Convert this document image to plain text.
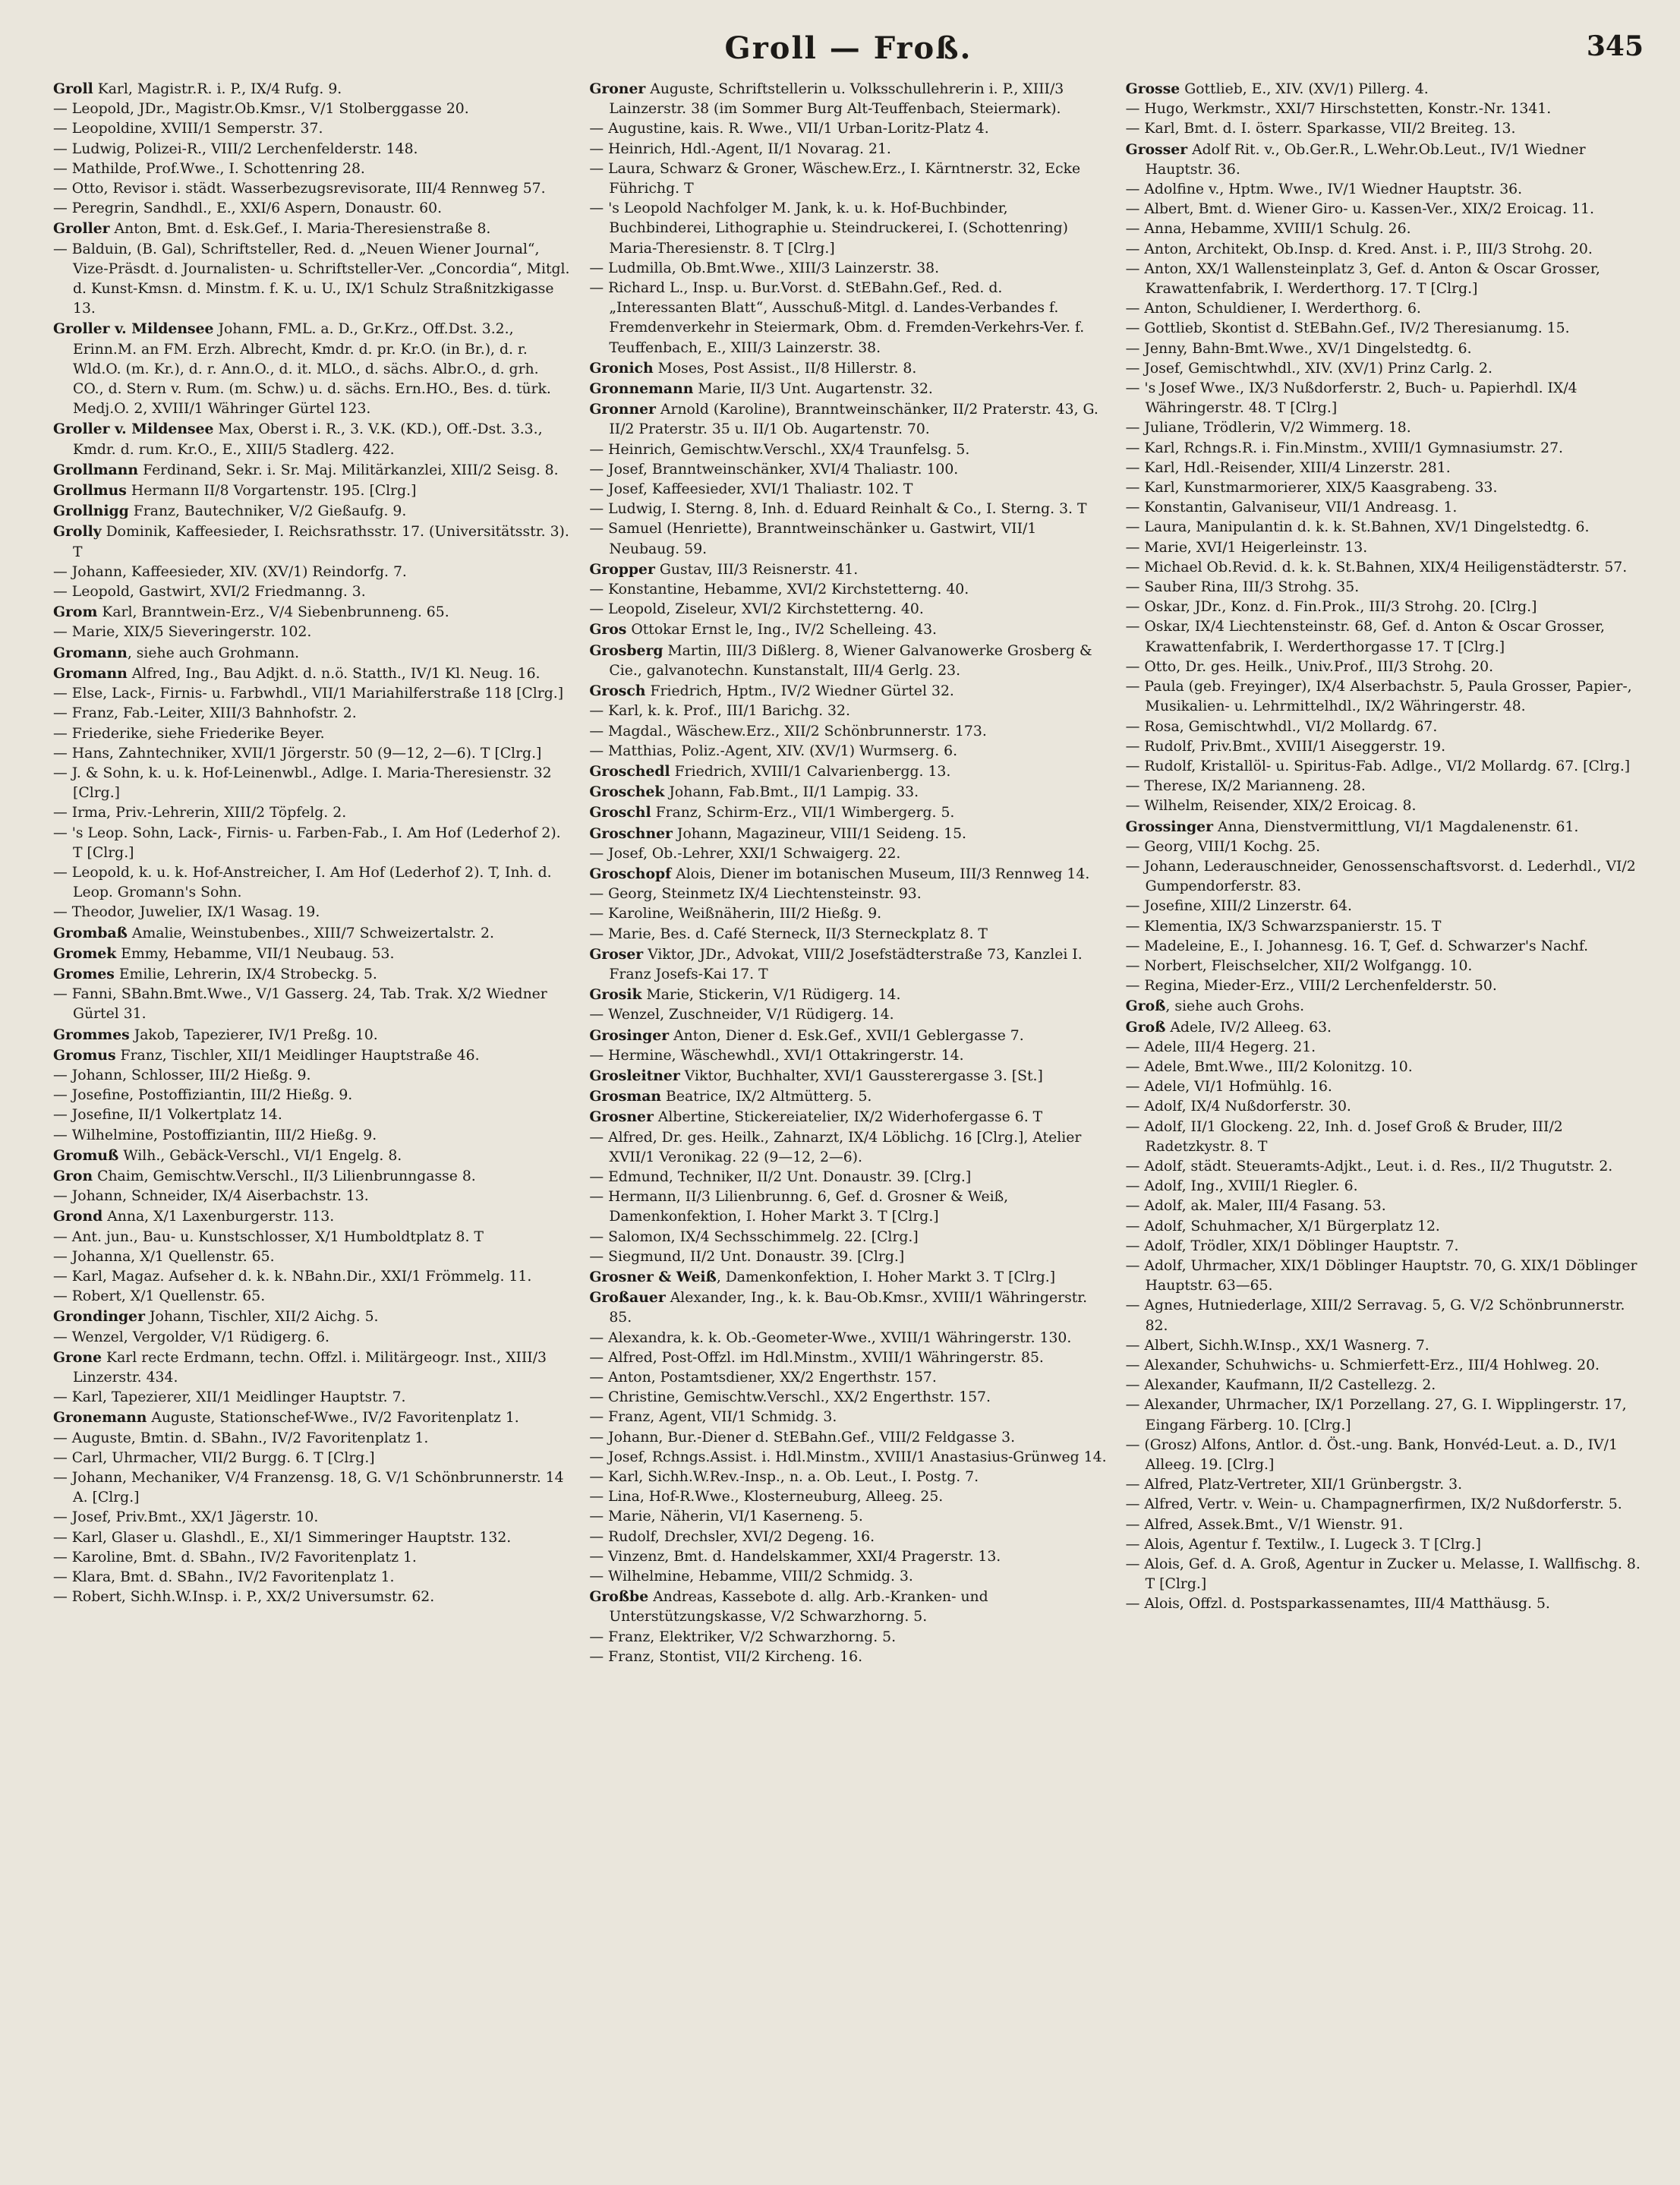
Groll — Froß.	345

Groll Karl, Magistr.R. i. P., IX/4 Rufg. 9.

— Leopold, JDr., Magistr.Ob.Kmsr., V/1 Stolberggasse 20.

— Leopoldine, XVIII/1 Semperstr. 37.

— Ludwig, Polizei-R., VIII/2 Lerchenfelderstr. 148.

— Mathilde, Prof.Wwe., I. Schottenring 28.

— Otto, Revisor i. städt. Wasserbezugsrevisorate, III/4 Rennweg 57.

— Peregrin, Sandhdl., E., XXI/6 Aspern, Donaustr. 60.

Groller Anton, Bmt. d. Esk.Gef., I. Maria-Theresienstraße 8.

— Balduin, (B. Gal), Schriftsteller, Red. d. „Neuen Wiener Journal“, Vize-Präsdt. d. Journalisten- u. Schriftsteller-Ver. „Concordia“, Mitgl. d. Kunst-Kmsn. d. Minstm. f. K. u. U., IX/1 Schulz Straßnitzkigasse 13.

Groller v. Mildensee Johann, FML. a. D., Gr.Krz., Off.Dst. 3.2., Erinn.M. an FM. Erzh. Albrecht, Kmdr. d. pr. Kr.O. (in Br.), d. r. Wld.O. (m. Kr.), d. r. Ann.O., d. it. MLO., d. sächs. Albr.O., d. grh. CO., d. Stern v. Rum. (m. Schw.) u. d. sächs. Ern.HO., Bes. d. türk. Medj.O. 2, XVIII/1 Währinger Gürtel 123.

Groller v. Mildensee Max, Oberst i. R., 3. V.K. (KD.), Off.-Dst. 3.3., Kmdr. d. rum. Kr.O., E., XIII/5 Stadlerg. 422.

Grollmann Ferdinand, Sekr. i. Sr. Maj. Militärkanzlei, XIII/2 Seisg. 8.

Grollmus Hermann II/8 Vorgartenstr. 195. [Clrg.]

Grollnigg Franz, Bautechniker, V/2 Gießaufg. 9.

Grolly Dominik, Kaffeesieder, I. Reichsrathsstr. 17. (Universitätsstr. 3). T

— Johann, Kaffeesieder, XIV. (XV/1) Reindorfg. 7.

— Leopold, Gastwirt, XVI/2 Friedmanng. 3.

Grom Karl, Branntwein-Erz., V/4 Siebenbrunneng. 65.

— Marie, XIX/5 Sieveringerstr. 102.

Gromann, siehe auch Grohmann.

Gromann Alfred, Ing., Bau Adjkt. d. n.ö. Statth., IV/1 Kl. Neug. 16.

— Else, Lack-, Firnis- u. Farbwhdl., VII/1 Mariahilferstraße 118 [Clrg.]

— Franz, Fab.-Leiter, XIII/3 Bahnhofstr. 2.

— Friederike, siehe Friederike Beyer.

— Hans, Zahntechniker, XVII/1 Jörgerstr. 50 (9—12, 2—6). T [Clrg.]

— J. & Sohn, k. u. k. Hof-Leinenwbl., Adlge. I. Maria-Theresienstr. 32 [Clrg.]

— Irma, Priv.-Lehrerin, XIII/2 Töpfelg. 2.

— 's Leop. Sohn, Lack-, Firnis- u. Farben-Fab., I. Am Hof (Lederhof 2). T [Clrg.]

— Leopold, k. u. k. Hof-Anstreicher, I. Am Hof (Lederhof 2). T, Inh. d. Leop. Gromann's Sohn.

— Theodor, Juwelier, IX/1 Wasag. 19.

Grombaß Amalie, Weinstubenbes., XIII/7 Schweizertalstr. 2.

Gromek Emmy, Hebamme, VII/1 Neubaug. 53.

Gromes Emilie, Lehrerin, IX/4 Strobeckg. 5.

— Fanni, SBahn.Bmt.Wwe., V/1 Gasserg. 24, Tab. Trak. X/2 Wiedner Gürtel 31.

Grommes Jakob, Tapezierer, IV/1 Preßg. 10.

Gromus Franz, Tischler, XII/1 Meidlinger Hauptstraße 46.

— Johann, Schlosser, III/2 Hießg. 9.

— Josefine, Postoffiziantin, III/2 Hießg. 9.

— Josefine, II/1 Volkertplatz 14.

— Wilhelmine, Postoffiziantin, III/2 Hießg. 9.

Gromuß Wilh., Gebäck-Verschl., VI/1 Engelg. 8.

Gron Chaim, Gemischtw.Verschl., II/3 Lilienbrunngasse 8.

— Johann, Schneider, IX/4 Aiserbachstr. 13.

Grond Anna, X/1 Laxenburgerstr. 113.

— Ant. jun., Bau- u. Kunstschlosser, X/1 Humboldtplatz 8. T

— Johanna, X/1 Quellenstr. 65.

— Karl, Magaz. Aufseher d. k. k. NBahn.Dir., XXI/1 Frömmelg. 11.

— Robert, X/1 Quellenstr. 65.

Grondinger Johann, Tischler, XII/2 Aichg. 5.

— Wenzel, Vergolder, V/1 Rüdigerg. 6.

Grone Karl recte Erdmann, techn. Offzl. i. Militärgeogr. Inst., XIII/3 Linzerstr. 434.

— Karl, Tapezierer, XII/1 Meidlinger Hauptstr. 7.

Gronemann Auguste, Stationschef-Wwe., IV/2 Favoritenplatz 1.

— Auguste, Bmtin. d. SBahn., IV/2 Favoritenplatz 1.

— Carl, Uhrmacher, VII/2 Burgg. 6. T [Clrg.]

— Johann, Mechaniker, V/4 Franzensg. 18, G. V/1 Schönbrunnerstr. 14 A. [Clrg.]

— Josef, Priv.Bmt., XX/1 Jägerstr. 10.

— Karl, Glaser u. Glashdl., E., XI/1 Simmeringer Hauptstr. 132.

— Karoline, Bmt. d. SBahn., IV/2 Favoritenplatz 1.

— Klara, Bmt. d. SBahn., IV/2 Favoritenplatz 1.

— Robert, Sichh.W.Insp. i. P., XX/2 Universumstr. 62.

Groner Auguste, Schriftstellerin u. Volksschullehrerin i. P., XIII/3 Lainzerstr. 38 (im Sommer Burg Alt-Teuffenbach, Steiermark).

— Augustine, kais. R. Wwe., VII/1 Urban-Loritz-Platz 4.

— Heinrich, Hdl.-Agent, II/1 Novarag. 21.

— Laura, Schwarz & Groner, Wäschew.Erz., I. Kärntnerstr. 32, Ecke Führichg. T

— 's Leopold Nachfolger M. Jank, k. u. k. Hof-Buchbinder, Buchbinderei, Lithographie u. Steindruckerei, I. (Schottenring) Maria-Theresienstr. 8. T [Clrg.]

— Ludmilla, Ob.Bmt.Wwe., XIII/3 Lainzerstr. 38.

— Richard L., Insp. u. Bur.Vorst. d. StEBahn.Gef., Red. d. „Interessanten Blatt“, Ausschuß-Mitgl. d. Landes-Verbandes f. Fremdenverkehr in Steiermark, Obm. d. Fremden-Verkehrs-Ver. f. Teuffenbach, E., XIII/3 Lainzerstr. 38.

Gronich Moses, Post Assist., II/8 Hillerstr. 8.

Gronnemann Marie, II/3 Unt. Augartenstr. 32.

Gronner Arnold (Karoline), Branntweinschänker, II/2 Praterstr. 43, G. II/2 Praterstr. 35 u. II/1 Ob. Augartenstr. 70.

— Heinrich, Gemischtw.Verschl., XX/4 Traunfelsg. 5.

— Josef, Branntweinschänker, XVI/4 Thaliastr. 100.

— Josef, Kaffeesieder, XVI/1 Thaliastr. 102. T

— Ludwig, I. Sterng. 8, Inh. d. Eduard Reinhalt & Co., I. Sterng. 3. T

— Samuel (Henriette), Branntweinschänker u. Gastwirt, VII/1 Neubaug. 59.

Gropper Gustav, III/3 Reisnerstr. 41.

— Konstantine, Hebamme, XVI/2 Kirchstetterng. 40.

— Leopold, Ziseleur, XVI/2 Kirchstetterng. 40.

Gros Ottokar Ernst le, Ing., IV/2 Schelleing. 43.

Grosberg Martin, III/3 Dißlerg. 8, Wiener Galvanowerke Grosberg & Cie., galvanotechn. Kunstanstalt, III/4 Gerlg. 23.

Grosch Friedrich, Hptm., IV/2 Wiedner Gürtel 32.

— Karl, k. k. Prof., III/1 Barichg. 32.

— Magdal., Wäschew.Erz., XII/2 Schönbrunnerstr. 173.

— Matthias, Poliz.-Agent, XIV. (XV/1) Wurmserg. 6.

Groschedl Friedrich, XVIII/1 Calvarienbergg. 13.

Groschek Johann, Fab.Bmt., II/1 Lampig. 33.

Groschl Franz, Schirm-Erz., VII/1 Wimbergerg. 5.

Groschner Johann, Magazineur, VIII/1 Seideng. 15.

— Josef, Ob.-Lehrer, XXI/1 Schwaigerg. 22.

Groschopf Alois, Diener im botanischen Museum, III/3 Rennweg 14.

— Georg, Steinmetz IX/4 Liechtensteinstr. 93.

— Karoline, Weißnäherin, III/2 Hießg. 9.

— Marie, Bes. d. Café Sterneck, II/3 Sterneckplatz 8. T

Groser Viktor, JDr., Advokat, VIII/2 Josefstädterstraße 73, Kanzlei I. Franz Josefs-Kai 17. T

Grosik Marie, Stickerin, V/1 Rüdigerg. 14.

— Wenzel, Zuschneider, V/1 Rüdigerg. 14.

Grosinger Anton, Diener d. Esk.Gef., XVII/1 Geblergasse 7.

— Hermine, Wäschewhdl., XVI/1 Ottakringerstr. 14.

Grosleitner Viktor, Buchhalter, XVI/1 Gaussterergasse 3. [St.]

Grosman Beatrice, IX/2 Altmütterg. 5.

Grosner Albertine, Stickereiatelier, IX/2 Widerhofergasse 6. T

— Alfred, Dr. ges. Heilk., Zahnarzt, IX/4 Löblichg. 16 [Clrg.], Atelier XVII/1 Veronikag. 22 (9—12, 2—6).

— Edmund, Techniker, II/2 Unt. Donaustr. 39. [Clrg.]

— Hermann, II/3 Lilienbrunng. 6, Gef. d. Grosner & Weiß, Damenkonfektion, I. Hoher Markt 3. T [Clrg.]

— Salomon, IX/4 Sechsschimmelg. 22. [Clrg.]

— Siegmund, II/2 Unt. Donaustr. 39. [Clrg.]

Grosner & Weiß, Damenkonfektion, I. Hoher Markt 3. T [Clrg.]

Großauer Alexander, Ing., k. k. Bau-Ob.Kmsr., XVIII/1 Währingerstr. 85.

— Alexandra, k. k. Ob.-Geometer-Wwe., XVIII/1 Währingerstr. 130.

— Alfred, Post-Offzl. im Hdl.Minstm., XVIII/1 Währingerstr. 85.

— Anton, Postamtsdiener, XX/2 Engerthstr. 157.

— Christine, Gemischtw.Verschl., XX/2 Engerthstr. 157.

— Franz, Agent, VII/1 Schmidg. 3.

— Johann, Bur.-Diener d. StEBahn.Gef., VIII/2 Feldgasse 3.

— Josef, Rchngs.Assist. i. Hdl.Minstm., XVIII/1 Anastasius-Grünweg 14.

— Karl, Sichh.W.Rev.-Insp., n. a. Ob. Leut., I. Postg. 7.

— Lina, Hof-R.Wwe., Klosterneuburg, Alleeg. 25.

— Marie, Näherin, VI/1 Kaserneng. 5.

— Rudolf, Drechsler, XVI/2 Degeng. 16.

— Vinzenz, Bmt. d. Handelskammer, XXI/4 Pragerstr. 13.

— Wilhelmine, Hebamme, VIII/2 Schmidg. 3.

Großbe Andreas, Kassebote d. allg. Arb.-Kranken- und Unterstützungskasse, V/2 Schwarzhorng. 5.

— Franz, Elektriker, V/2 Schwarzhorng. 5.

— Franz, Stontist, VII/2 Kircheng. 16.

Grosse Gottlieb, E., XIV. (XV/1) Pillerg. 4.

— Hugo, Werkmstr., XXI/7 Hirschstetten, Konstr.-Nr. 1341.

— Karl, Bmt. d. I. österr. Sparkasse, VII/2 Breiteg. 13.

Grosser Adolf Rit. v., Ob.Ger.R., L.Wehr.Ob.Leut., IV/1 Wiedner Hauptstr. 36.

— Adolfine v., Hptm. Wwe., IV/1 Wiedner Hauptstr. 36.

— Albert, Bmt. d. Wiener Giro- u. Kassen-Ver., XIX/2 Eroicag. 11.

— Anna, Hebamme, XVIII/1 Schulg. 26.

— Anton, Architekt, Ob.Insp. d. Kred. Anst. i. P., III/3 Strohg. 20.

— Anton, XX/1 Wallensteinplatz 3, Gef. d. Anton & Oscar Grosser, Krawattenfabrik, I. Werderthorg. 17. T [Clrg.]

— Anton, Schuldiener, I. Werderthorg. 6.

— Gottlieb, Skontist d. StEBahn.Gef., IV/2 Theresianumg. 15.

— Jenny, Bahn-Bmt.Wwe., XV/1 Dingelstedtg. 6.

— Josef, Gemischtwhdl., XIV. (XV/1) Prinz Carlg. 2.

— 's Josef Wwe., IX/3 Nußdorferstr. 2, Buch- u. Papierhdl. IX/4 Währingerstr. 48. T [Clrg.]

— Juliane, Trödlerin, V/2 Wimmerg. 18.

— Karl, Rchngs.R. i. Fin.Minstm., XVIII/1 Gymnasiumstr. 27.

— Karl, Hdl.-Reisender, XIII/4 Linzerstr. 281.

— Karl, Kunstmarmorierer, XIX/5 Kaasgrabeng. 33.

— Konstantin, Galvaniseur, VII/1 Andreasg. 1.

— Laura, Manipulantin d. k. k. St.Bahnen, XV/1 Dingelstedtg. 6.

— Marie, XVI/1 Heigerleinstr. 13.

— Michael Ob.Revid. d. k. k. St.Bahnen, XIX/4 Heiligenstädterstr. 57.

— Sauber Rina, III/3 Strohg. 35.

— Oskar, JDr., Konz. d. Fin.Prok., III/3 Strohg. 20. [Clrg.]

— Oskar, IX/4 Liechtensteinstr. 68, Gef. d. Anton & Oscar Grosser, Krawattenfabrik, I. Werderthorgasse 17. T [Clrg.]

— Otto, Dr. ges. Heilk., Univ.Prof., III/3 Strohg. 20.

— Paula (geb. Freyinger), IX/4 Alserbachstr. 5, Paula Grosser, Papier-, Musikalien- u. Lehrmittelhdl., IX/2 Währingerstr. 48.

— Rosa, Gemischtwhdl., VI/2 Mollardg. 67.

— Rudolf, Priv.Bmt., XVIII/1 Aiseggerstr. 19.

— Rudolf, Kristallöl- u. Spiritus-Fab. Adlge., VI/2 Mollardg. 67. [Clrg.]

— Therese, IX/2 Marianneng. 28.

— Wilhelm, Reisender, XIX/2 Eroicag. 8.

Grossinger Anna, Dienstvermittlung, VI/1 Magdalenenstr. 61.

— Georg, VIII/1 Kochg. 25.

— Johann, Lederauschneider, Genossenschaftsvorst. d. Lederhdl., VI/2 Gumpendorferstr. 83.

— Josefine, XIII/2 Linzerstr. 64.

— Klementia, IX/3 Schwarzspanierstr. 15. T

— Madeleine, E., I. Johannesg. 16. T, Gef. d. Schwarzer's Nachf.

— Norbert, Fleischselcher, XII/2 Wolfgangg. 10.

— Regina, Mieder-Erz., VIII/2 Lerchenfelderstr. 50.

Groß, siehe auch Grohs.

Groß Adele, IV/2 Alleeg. 63.

— Adele, III/4 Hegerg. 21.

— Adele, Bmt.Wwe., III/2 Kolonitzg. 10.

— Adele, VI/1 Hofmühlg. 16.

— Adolf, IX/4 Nußdorferstr. 30.

— Adolf, II/1 Glockeng. 22, Inh. d. Josef Groß & Bruder, III/2 Radetzkystr. 8. T

— Adolf, städt. Steueramts-Adjkt., Leut. i. d. Res., II/2 Thugutstr. 2.

— Adolf, Ing., XVIII/1 Riegler. 6.

— Adolf, ak. Maler, III/4 Fasang. 53.

— Adolf, Schuhmacher, X/1 Bürgerplatz 12.

— Adolf, Trödler, XIX/1 Döblinger Hauptstr. 7.

— Adolf, Uhrmacher, XIX/1 Döblinger Hauptstr. 70, G. XIX/1 Döblinger Hauptstr. 63—65.

— Agnes, Hutniederlage, XIII/2 Serravag. 5, G. V/2 Schönbrunnerstr. 82.

— Albert, Sichh.W.Insp., XX/1 Wasnerg. 7.

— Alexander, Schuhwichs- u. Schmierfett-Erz., III/4 Hohlweg. 20.

— Alexander, Kaufmann, II/2 Castellezg. 2.

— Alexander, Uhrmacher, IX/1 Porzellang. 27, G. I. Wipplingerstr. 17, Eingang Färberg. 10. [Clrg.]

— (Grosz) Alfons, Antlor. d. Öst.-ung. Bank, Honvéd-Leut. a. D., IV/1 Alleeg. 19. [Clrg.]

— Alfred, Platz-Vertreter, XII/1 Grünbergstr. 3.

— Alfred, Vertr. v. Wein- u. Champagnerfirmen, IX/2 Nußdorferstr. 5.

— Alfred, Assek.Bmt., V/1 Wienstr. 91.

— Alois, Agentur f. Textilw., I. Lugeck 3. T [Clrg.]

— Alois, Gef. d. A. Groß, Agentur in Zucker u. Melasse, I. Wallfischg. 8. T [Clrg.]

— Alois, Offzl. d. Postsparkassenamtes, III/4 Matthäusg. 5.
